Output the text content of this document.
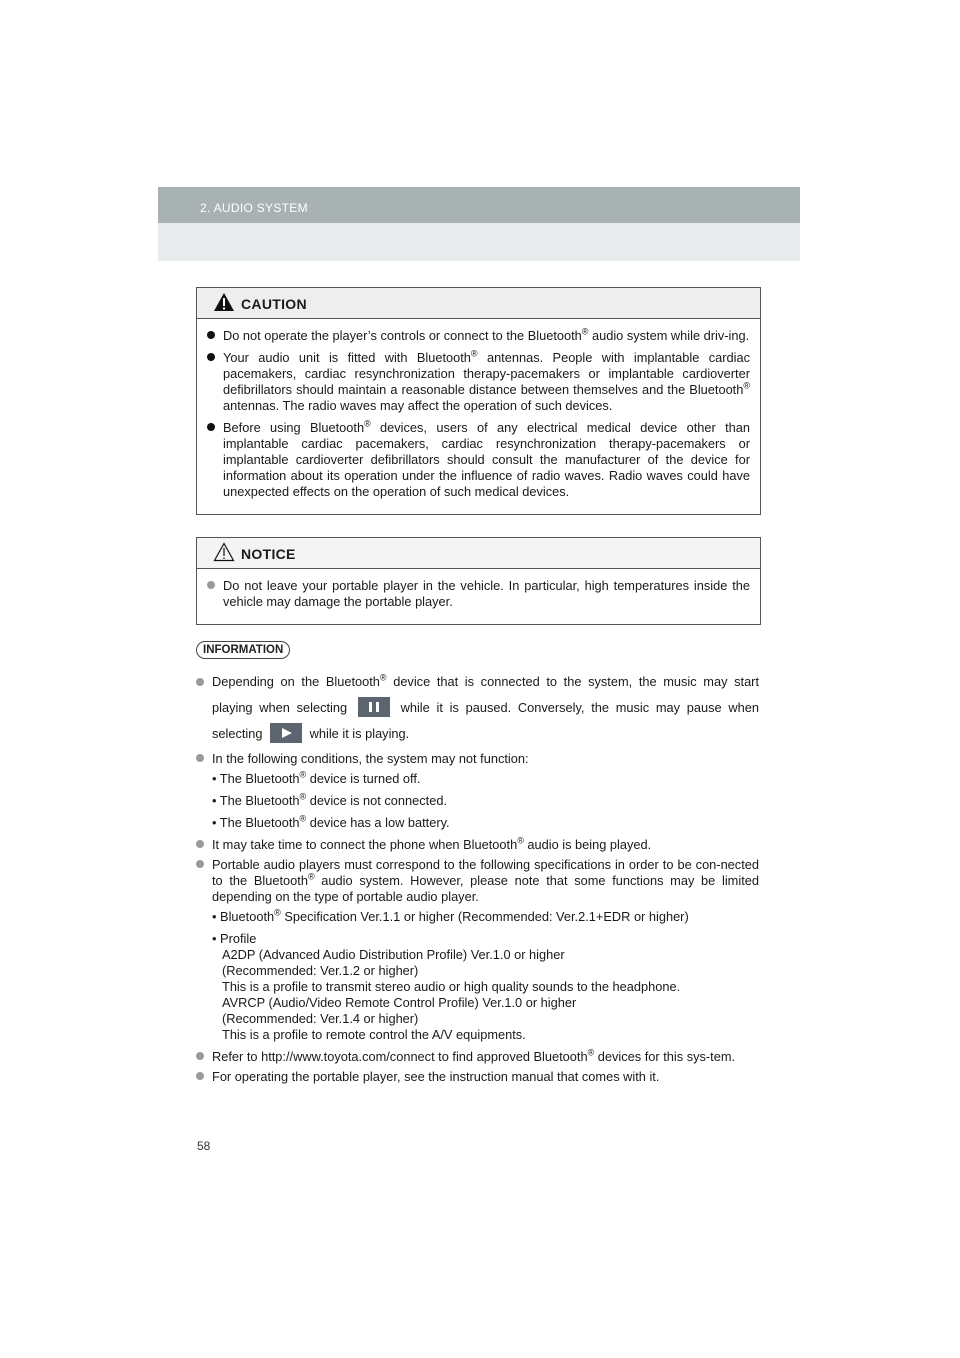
2. AUDIO SYSTEM
CAUTION
Do not operate the player’s controls or connect to the Bluetooth® audio system while driv-ing.
Your audio unit is fitted with Bluetooth® antennas. People with implantable cardiac pacemakers, cardiac resynchronization therapy-pacemakers or implantable cardioverter defibrillators should maintain a reasonable distance between themselves and the Bluetooth® antennas. The radio waves may affect the operation of such devices.
Before using Bluetooth® devices, users of any electrical medical device other than implantable cardiac pacemakers, cardiac resynchronization therapy-pacemakers or implantable cardioverter defibrillators should consult the manufacturer of the device for information about its operation under the influence of radio waves. Radio waves could have unexpected effects on the operation of such medical devices.
NOTICE
Do not leave your portable player in the vehicle. In particular, high temperatures inside the vehicle may damage the portable player.
INFORMATION
Depending on the Bluetooth® device that is connected to the system, the music may start playing when selecting	while it is paused. Conversely, the music may pause when selecting	while it is playing.
In the following conditions, the system may not function:
• The Bluetooth® device is turned off.
• The Bluetooth® device is not connected.
• The Bluetooth® device has a low battery.
It may take time to connect the phone when Bluetooth® audio is being played.
Portable audio players must correspond to the following specifications in order to be con-nected to the Bluetooth® audio system. However, please note that some functions may be limited depending on the type of portable audio player.
• Bluetooth® Specification Ver.1.1 or higher (Recommended: Ver.2.1+EDR or higher)
• Profile
A2DP (Advanced Audio Distribution Profile) Ver.1.0 or higher
(Recommended: Ver.1.2 or higher)
This is a profile to transmit stereo audio or high quality sounds to the headphone.
AVRCP (Audio/Video Remote Control Profile) Ver.1.0 or higher
(Recommended: Ver.1.4 or higher)
This is a profile to remote control the A/V equipments.
Refer to http://www.toyota.com/connect to find approved Bluetooth® devices for this sys-tem.
For operating the portable player, see the instruction manual that comes with it.
58
